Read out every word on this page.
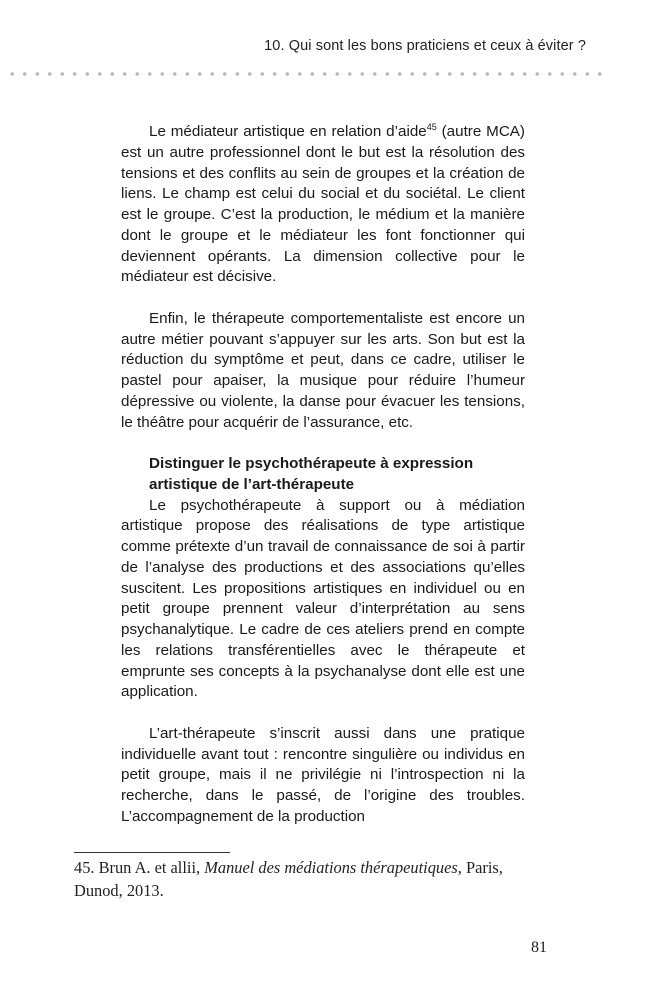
10. Qui sont les bons praticiens et ceux à éviter ?

Le médiateur artistique en relation d’aide$^{45}$ (autre MCA) est un autre professionnel dont le but est la résolution des tensions et des conflits au sein de groupes et la création de liens. Le champ est celui du social et du sociétal. Le client est le groupe. C’est la production, le médium et la manière dont le groupe et le médiateur les font fonctionner qui deviennent opérants. La dimension collective pour le médiateur est décisive.

Enfin, le thérapeute comportementaliste est encore un autre métier pouvant s’appuyer sur les arts. Son but est la réduction du symptôme et peut, dans ce cadre, utiliser le pastel pour apaiser, la musique pour réduire l’humeur dépressive ou violente, la danse pour évacuer les tensions, le théâtre pour acquérir de l’assurance, etc.

Distinguer le psychothérapeute à expression artistique de l’art-thérapeute

Le psychothérapeute à support ou à médiation artistique propose des réalisations de type artistique comme prétexte d’un travail de connaissance de soi à partir de l’analyse des productions et des associations qu’elles suscitent. Les propositions artistiques en individuel ou en petit groupe prennent valeur d’interprétation au sens psychanalytique. Le cadre de ces ateliers prend en compte les relations transférentielles avec le thérapeute et emprunte ses concepts à la psychanalyse dont elle est une application.

L’art-thérapeute s’inscrit aussi dans une pratique individuelle avant tout : rencontre singulière ou individus en petit groupe, mais il ne privilégie ni l’introspection ni la recherche, dans le passé, de l’origine des troubles. L’accompagnement de la production

45. Brun A. et allii, Manuel des médiations thérapeutiques, Paris, Dunod, 2013.
81
